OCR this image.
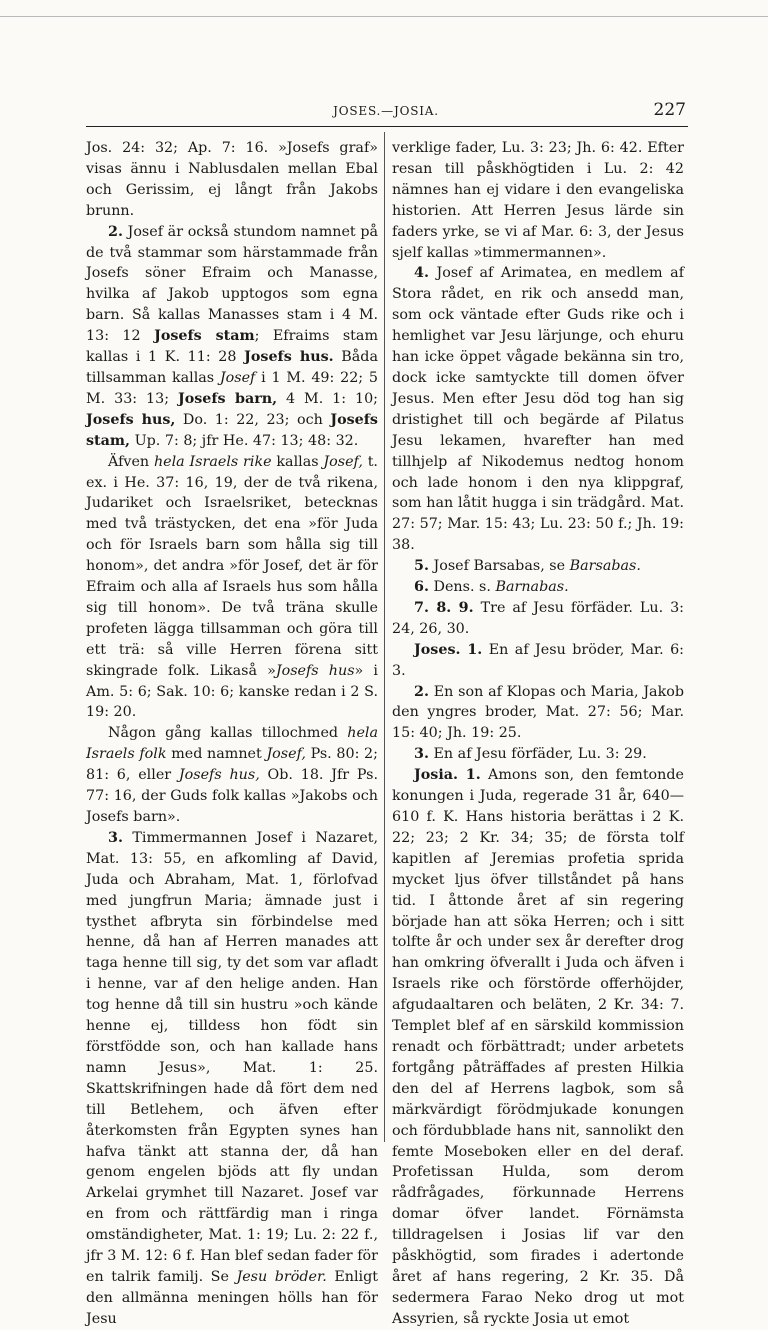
JOSES.—JOSIA.	227

Jos. 24: 32; Ap. 7: 16. »Josefs graf» visas ännu i Nablusdalen mellan Ebal och Gerissim, ej långt från Jakobs brunn.

2. Josef är också stundom namnet på de två stammar som härstammade från Josefs söner Efraim och Manasse, hvilka af Jakob upptogos som egna barn. Så kallas Manasses stam i 4 M. 13: 12 Josefs stam; Efraims stam kallas i 1 K. 11: 28 Josefs hus. Båda tillsamman kallas Josef i 1 M. 49: 22; 5 M. 33: 13; Josefs barn, 4 M. 1: 10; Josefs hus, Do. 1: 22, 23; och Josefs stam, Up. 7: 8; jfr He. 47: 13; 48: 32.

Äfven hela Israels rike kallas Josef, t. ex. i He. 37: 16, 19, der de två rikena, Judariket och Israelsriket, betecknas med två trästycken, det ena »för Juda och för Israels barn som hålla sig till honom», det andra »för Josef, det är för Efraim och alla af Israels hus som hålla sig till honom». De två träna skulle profeten lägga tillsamman och göra till ett trä: så ville Herren förena sitt skingrade folk. Likaså »Josefs hus» i Am. 5: 6; Sak. 10: 6; kanske redan i 2 S. 19: 20.

Någon gång kallas tillochmed hela Israels folk med namnet Josef, Ps. 80: 2; 81: 6, eller Josefs hus, Ob. 18. Jfr Ps. 77: 16, der Guds folk kallas »Jakobs och Josefs barn».

3. Timmermannen Josef i Nazaret, Mat. 13: 55, en afkomling af David, Juda och Abraham, Mat. 1, förlofvad med jungfrun Maria; ämnade just i tysthet afbryta sin förbindelse med henne, då han af Herren manades att taga henne till sig, ty det som var afladt i henne, var af den helige anden. Han tog henne då till sin hustru »och kände henne ej, tilldess hon födt sin förstfödde son, och han kallade hans namn Jesus», Mat. 1: 25. Skattskrifningen hade då fört dem ned till Betlehem, och äfven efter återkomsten från Egypten synes han hafva tänkt att stanna der, då han genom engelen bjöds att fly undan Arkelai grymhet till Nazaret. Josef var en from och rättfärdig man i ringa omständigheter, Mat. 1: 19; Lu. 2: 22 f., jfr 3 M. 12: 6 f. Han blef sedan fader för en talrik familj. Se Jesu bröder. Enligt den allmänna meningen hölls han för Jesu

verklige fader, Lu. 3: 23; Jh. 6: 42. Efter resan till påskhögtiden i Lu. 2: 42 nämnes han ej vidare i den evangeliska historien. Att Herren Jesus lärde sin faders yrke, se vi af Mar. 6: 3, der Jesus sjelf kallas »timmermannen».

4. Josef af Arimatea, en medlem af Stora rådet, en rik och ansedd man, som ock väntade efter Guds rike och i hemlighet var Jesu lärjunge, och ehuru han icke öppet vågade bekänna sin tro, dock icke samtyckte till domen öfver Jesus. Men efter Jesu död tog han sig dristighet till och begärde af Pilatus Jesu lekamen, hvarefter han med tillhjelp af Nikodemus nedtog honom och lade honom i den nya klippgraf, som han låtit hugga i sin trädgård. Mat. 27: 57; Mar. 15: 43; Lu. 23: 50 f.; Jh. 19: 38.

5. Josef Barsabas, se Barsabas.

6. Dens. s. Barnabas.

7. 8. 9. Tre af Jesu förfäder. Lu. 3: 24, 26, 30.

Joses. 1. En af Jesu bröder, Mar. 6: 3.

2. En son af Klopas och Maria, Jakob den yngres broder, Mat. 27: 56; Mar. 15: 40; Jh. 19: 25.

3. En af Jesu förfäder, Lu. 3: 29.

Josia. 1. Amons son, den femtonde konungen i Juda, regerade 31 år, 640—610 f. K. Hans historia berättas i 2 K. 22; 23; 2 Kr. 34; 35; de första tolf kapitlen af Jeremias profetia sprida mycket ljus öfver tillståndet på hans tid. I åttonde året af sin regering började han att söka Herren; och i sitt tolfte år och under sex år derefter drog han omkring öfverallt i Juda och äfven i Israels rike och förstörde offerhöjder, afgudaaltaren och beläten, 2 Kr. 34: 7. Templet blef af en särskild kommission renadt och förbättradt; under arbetets fortgång påträffades af presten Hilkia den del af Herrens lagbok, som så märkvärdigt förödmjukade konungen och fördubblade hans nit, sannolikt den femte Moseboken eller en del deraf. Profetissan Hulda, som derom rådfrågades, förkunnade Herrens domar öfver landet. Förnämsta tilldragelsen i Josias lif var den påskhögtid, som firades i adertonde året af hans regering, 2 Kr. 35. Då sedermera Farao Neko drog ut mot Assyrien, så ryckte Josia ut emot
